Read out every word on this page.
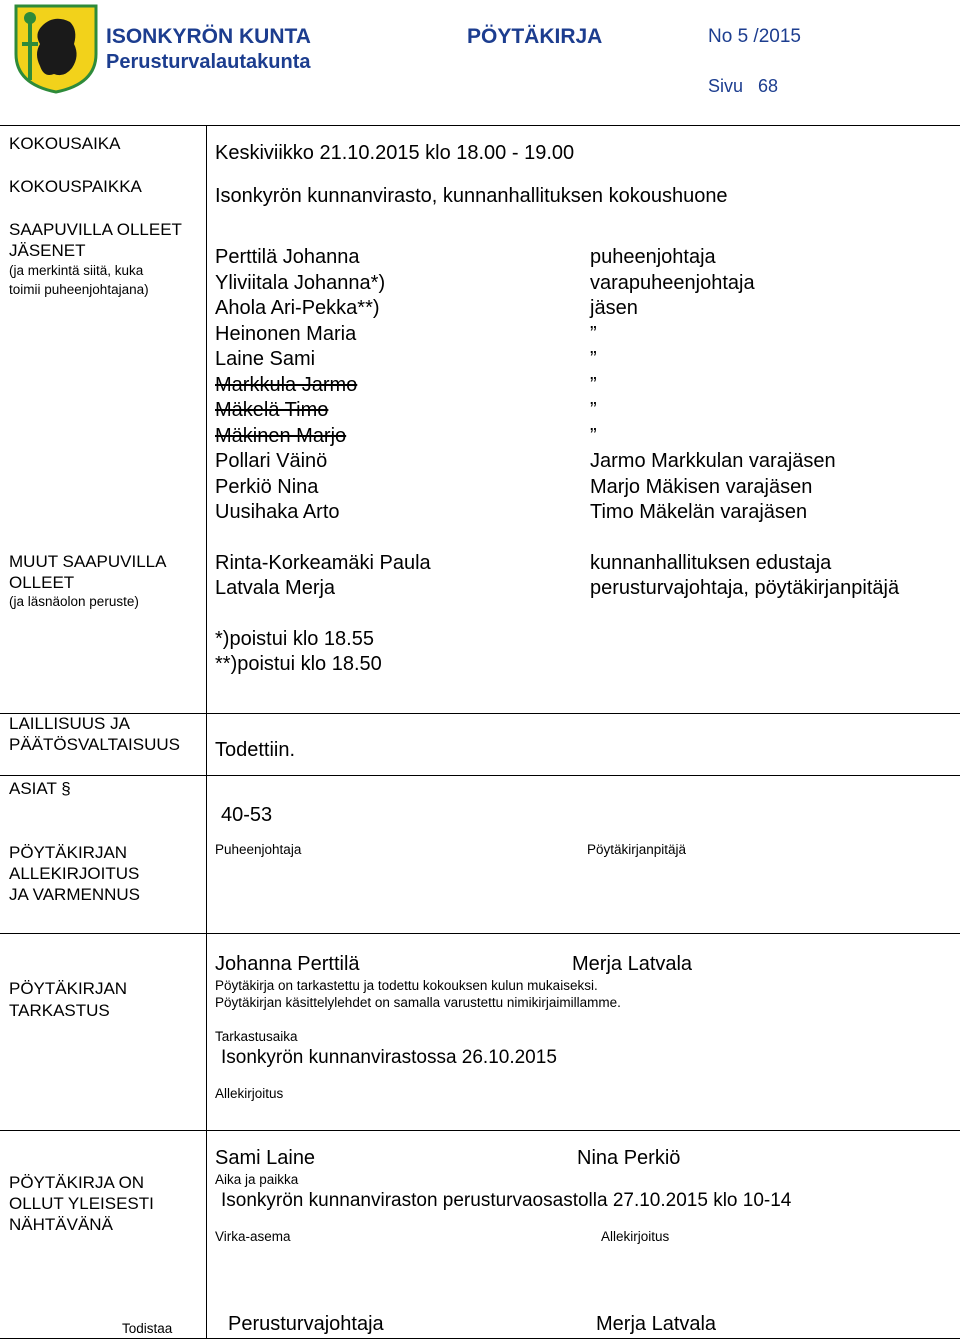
ISONKYRÖN KUNTA
Perusturvalautakunta
PÖYTÄKIRJA	No 5 /2015
Sivu 68
KOKOUSAIKA	Keskiviikko 21.10.2015 klo 18.00 - 19.00
KOKOUSPAIKKA	Isonkyrön kunnanvirasto, kunnanhallituksen kokoushuone
SAAPUVILLA OLLEET
JÄSENET
(ja merkintä siitä, kuka
toimii puheenjohtajana)
Perttilä Johanna	puheenjohtaja
Yliviitala Johanna*)	varapuheenjohtaja
Ahola Ari-Pekka**)	jäsen
Heinonen Maria	”
Laine Sami	”
Markkula Jarmo	”
Mäkelä Timo	”
Mäkinen Marjo	”
Pollari Väinö	Jarmo Markkulan varajäsen
Perkiö Nina	Marjo Mäkisen varajäsen
Uusihaka Arto	Timo Mäkelän varajäsen
MUUT SAAPUVILLA
OLLEET
(ja läsnäolon peruste)
Rinta-Korkeamäki Paula	kunnanhallituksen edustaja
Latvala Merja	perusturvajohtaja, pöytäkirjanpitäjä
*)poistui klo 18.55
**)poistui klo 18.50
LAILLISUUS JA
PÄÄTÖSVALTAISUUS Todettiin.
ASIAT §
40-53
PÖYTÄKIRJAN
ALLEKIRJOITUS
JA VARMENNUS
Puheenjohtaja	Pöytäkirjanpitäjä
Johanna Perttilä	Merja Latvala
PÖYTÄKIRJAN
TARKASTUS
Pöytäkirja on tarkastettu ja todettu kokouksen kulun mukaiseksi.
Pöytäkirjan käsittelylehdet on samalla varustettu nimikirjaimillamme.
Tarkastusaika
Isonkyrön kunnanvirastossa 26.10.2015
Allekirjoitus
Sami Laine	Nina Perkiö
PÖYTÄKIRJA ON
OLLUT YLEISESTI
NÄHTÄVÄNÄ
Aika ja paikka
Isonkyrön kunnanviraston perusturvaosastolla 27.10.2015 klo 10-14
Virka-asema	Allekirjoitus
Todistaa	Perusturvajohtaja	Merja Latvala
